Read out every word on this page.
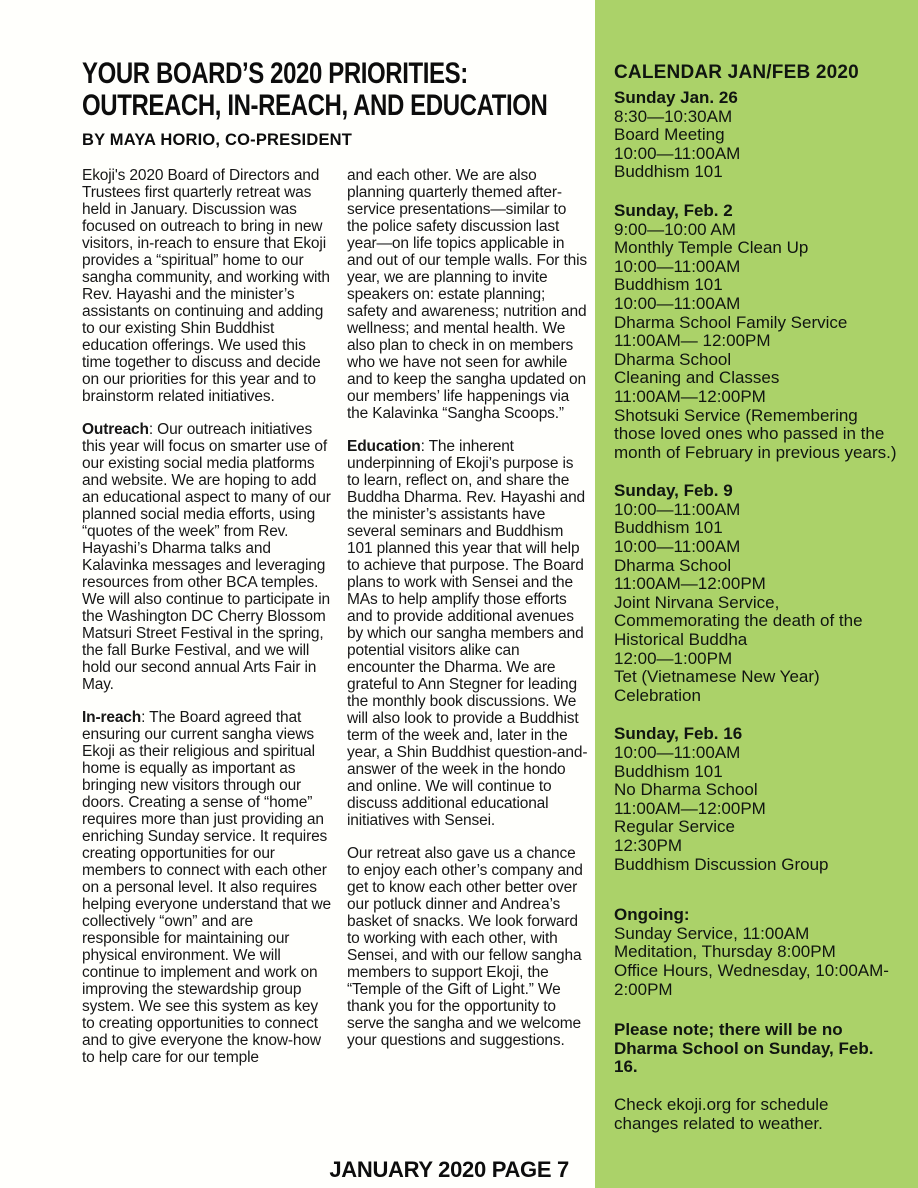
YOUR BOARD’S 2020 PRIORITIES:
OUTREACH, IN-REACH, AND EDUCATION
BY MAYA HORIO, CO-PRESIDENT

Ekoji's 2020 Board of Directors and Trustees first quarterly retreat was held in January. Discussion was focused on outreach to bring in new visitors, in-reach to ensure that Ekoji provides a “spiritual” home to our sangha community, and working with Rev. Hayashi and the minister’s assistants on continuing and adding to our existing Shin Buddhist education offerings. We used this time together to discuss and decide on our priorities for this year and to brainstorm related initiatives.

Outreach: Our outreach initiatives this year will focus on smarter use of our existing social media platforms and website. We are hoping to add an educational aspect to many of our planned social media efforts, using “quotes of the week” from Rev. Hayashi’s Dharma talks and Kalavinka messages and leveraging resources from other BCA temples. We will also continue to participate in the Washington DC Cherry Blossom Matsuri Street Festival in the spring, the fall Burke Festival, and we will hold our second annual Arts Fair in May.

In-reach: The Board agreed that ensuring our current sangha views Ekoji as their religious and spiritual home is equally as important as bringing new visitors through our doors. Creating a sense of “home” requires more than just providing an enriching Sunday service. It requires creating opportunities for our members to connect with each other on a personal level. It also requires helping everyone understand that we collectively “own” and are responsible for maintaining our physical environment. We will continue to implement and work on improving the stewardship group system. We see this system as key to creating opportunities to connect and to give everyone the know-how to help care for our temple

and each other. We are also planning quarterly themed after-service presentations—similar to the police safety discussion last year—on life topics applicable in and out of our temple walls. For this year, we are planning to invite speakers on: estate planning; safety and awareness; nutrition and wellness; and mental health. We also plan to check in on members who we have not seen for awhile and to keep the sangha updated on our members’ life happenings via the Kalavinka “Sangha Scoops.”

Education: The inherent underpinning of Ekoji’s purpose is to learn, reflect on, and share the Buddha Dharma. Rev. Hayashi and the minister’s assistants have several seminars and Buddhism 101 planned this year that will help to achieve that purpose. The Board plans to work with Sensei and the MAs to help amplify those efforts and to provide additional avenues by which our sangha members and potential visitors alike can encounter the Dharma. We are grateful to Ann Stegner for leading the monthly book discussions. We will also look to provide a Buddhist term of the week and, later in the year, a Shin Buddhist question-and-answer of the week in the hondo and online. We will continue to discuss additional educational initiatives with Sensei.

Our retreat also gave us a chance to enjoy each other’s company and get to know each other better over our potluck dinner and Andrea’s basket of snacks. We look forward to working with each other, with Sensei, and with our fellow sangha members to support Ekoji, the “Temple of the Gift of Light.” We thank you for the opportunity to serve the sangha and we welcome your questions and suggestions.

JANUARY 2020 PAGE 7
CALENDAR JAN/FEB 2020
Sunday Jan. 26
8:30—10:30AM
Board Meeting
10:00—11:00AM
Buddhism 101
Sunday, Feb. 2
9:00—10:00 AM
Monthly Temple Clean Up
10:00—11:00AM
Buddhism 101
10:00—11:00AM
Dharma School Family Service
11:00AM— 12:00PM
Dharma School
Cleaning and Classes
11:00AM—12:00PM
Shotsuki Service (Remembering those loved ones who passed in the month of February in previous years.)
Sunday, Feb. 9
10:00—11:00AM
Buddhism 101
10:00—11:00AM
Dharma School
11:00AM—12:00PM
Joint Nirvana Service, Commemorating the death of the Historical Buddha
12:00—1:00PM
Tet (Vietnamese New Year) Celebration
Sunday, Feb. 16
10:00—11:00AM
Buddhism 101
No Dharma School
11:00AM—12:00PM
Regular Service
12:30PM
Buddhism Discussion Group
Ongoing:
Sunday Service, 11:00AM
Meditation, Thursday 8:00PM
Office Hours, Wednesday, 10:00AM-2:00PM
Please note; there will be no Dharma School on Sunday, Feb. 16.
Check ekoji.org for schedule changes related to weather.
